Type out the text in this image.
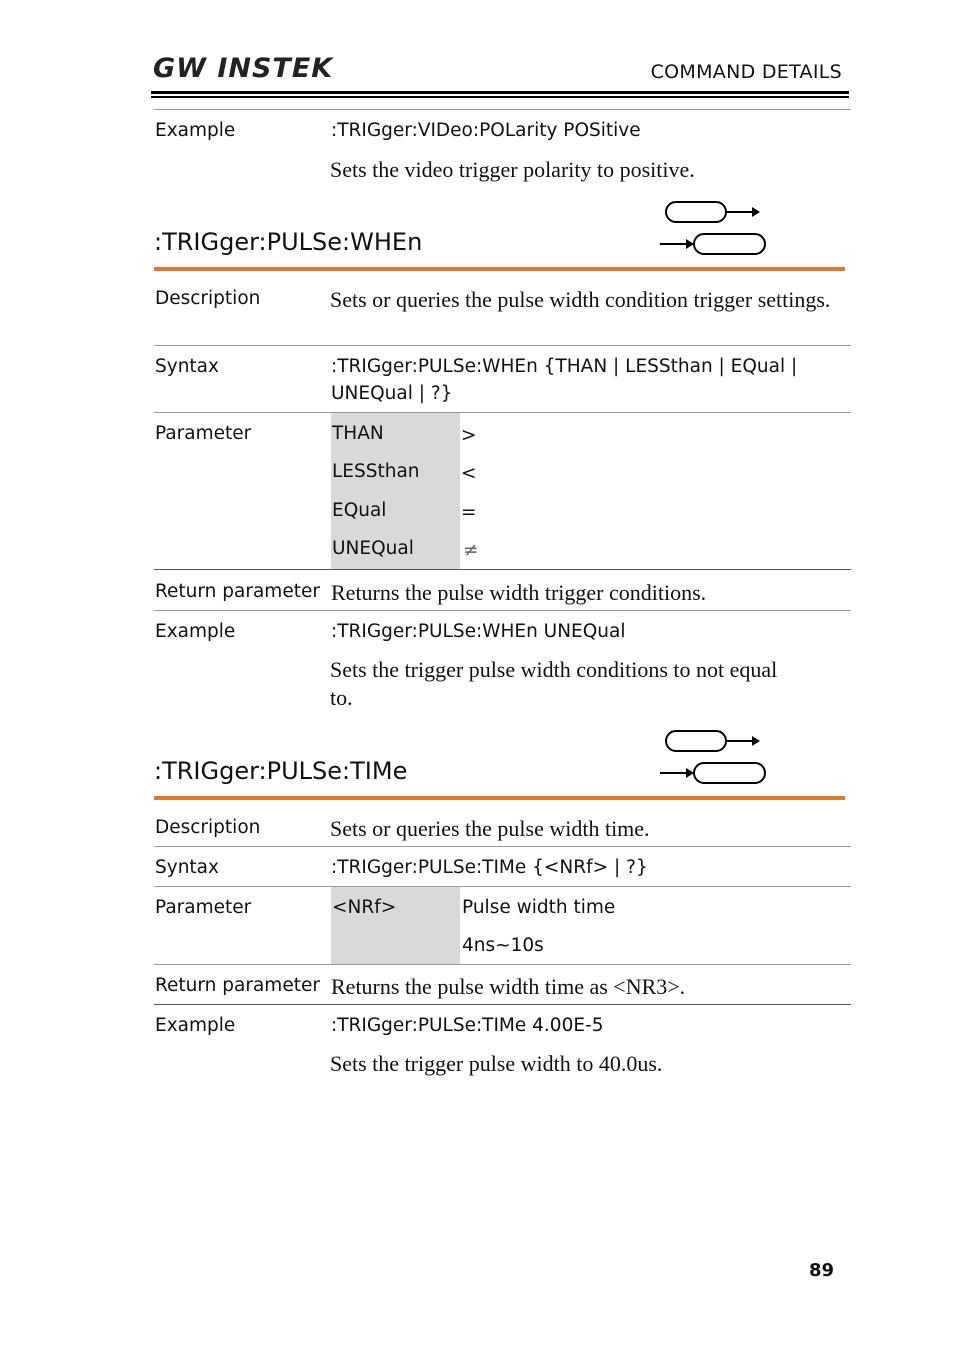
GW INSTEK	COMMAND DETAILS
Example	:TRIGger:VIDeo:POLarity POSitive
Sets the video trigger polarity to positive.
:TRIGger:PULSe:WHEn
Description	Sets or queries the pulse width condition trigger settings.
Syntax	:TRIGger:PULSe:WHEn {THAN | LESSthan | EQual |
UNEQual | ?}
Parameter	THAN	>
LESSthan <
EQual	=
UNEQual	≠
Return parameter Returns the pulse width trigger conditions.
Example	:TRIGger:PULSe:WHEn UNEQual
Sets the trigger pulse width conditions to not equal
to.
:TRIGger:PULSe:TIMe
Description	Sets or queries the pulse width time.
Syntax	:TRIGger:PULSe:TIMe {<NRf> | ?}
Parameter	<NRf>	Pulse width time
4ns~10s
Return parameter Returns the pulse width time as <NR3>.
Example	:TRIGger:PULSe:TIMe 4.00E-5
Sets the trigger pulse width to 40.0us.
89
